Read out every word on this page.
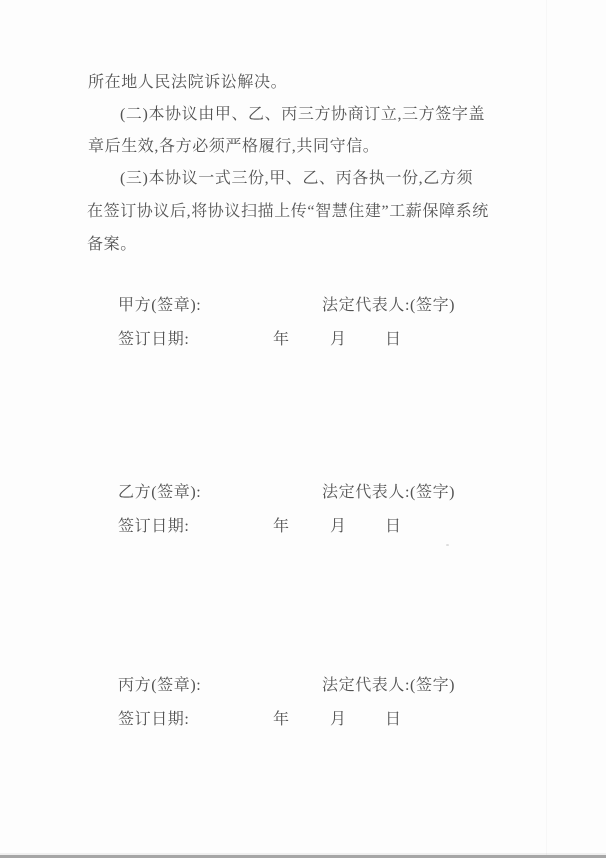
所在地人民法院诉讼解决。
(二)本协议由甲、乙、丙三方协商订立,三方签字盖
章后生效,各方必须严格履行,共同守信。
(三)本协议一式三份,甲、乙、丙各执一份,乙方须
在签订协议后,将协议扫描上传“智慧住建”工薪保障系统
备案。
甲方(签章):	法定代表人:(签字)
签订日期:	年	月 日
乙方(签章):	法定代表人:(签字)
签订日期:	年	月 日
丙方(签章):	法定代表人:(签字)
签订日期:	年	月 日
